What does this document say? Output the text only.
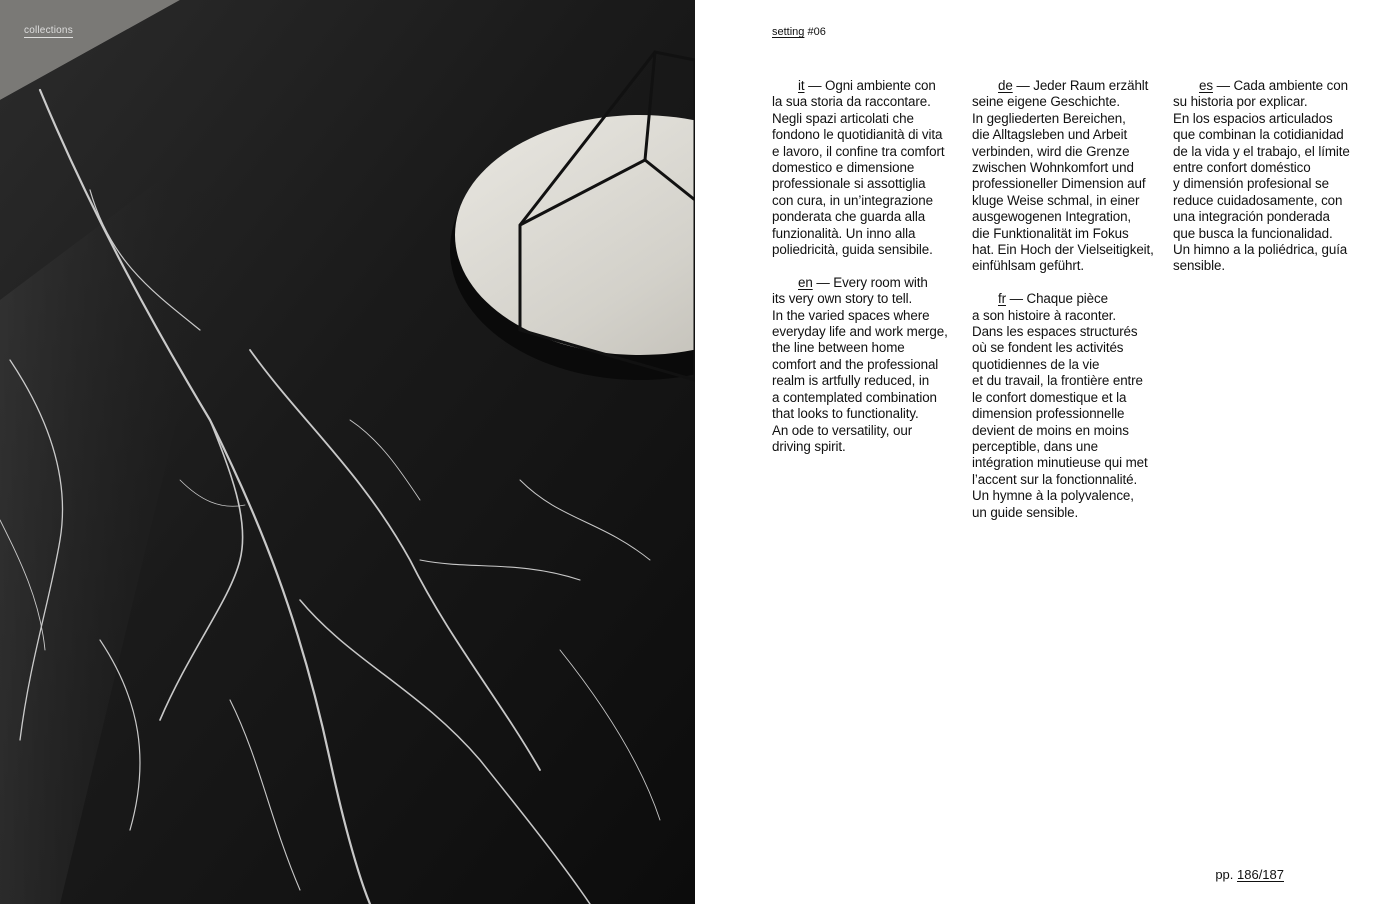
collections	setting #06

it — Ogni ambiente con
la sua storia da raccontare.
Negli spazi articolati che
fondono le quotidianità di vita
e lavoro, il confine tra comfort
domestico e dimensione
professionale si assottiglia
con cura, in un’integrazione
ponderata che guarda alla
funzionalità. Un inno alla
poliedricità, guida sensibile.

en — Every room with
its very own story to tell.
In the varied spaces where
everyday life and work merge,
the line between home
comfort and the professional
realm is artfully reduced, in
a contemplated combination
that looks to functionality.
An ode to versatility, our
driving spirit.

de — Jeder Raum erzählt
seine eigene Geschichte.
In gegliederten Bereichen,
die Alltagsleben und Arbeit
verbinden, wird die Grenze
zwischen Wohnkomfort und
professioneller Dimension auf
kluge Weise schmal, in einer
ausgewogenen Integration,
die Funktionalität im Fokus
hat. Ein Hoch der Vielseitigkeit,
einfühlsam geführt.

fr — Chaque pièce
a son histoire à raconter.
Dans les espaces structurés
où se fondent les activités
quotidiennes de la vie
et du travail, la frontière entre
le confort domestique et la
dimension professionnelle
devient de moins en moins
perceptible, dans une
intégration minutieuse qui met
l’accent sur la fonctionnalité.
Un hymne à la polyvalence,
un guide sensible.

es — Cada ambiente con
su historia por explicar.
En los espacios articulados
que combinan la cotidianidad
de la vida y el trabajo, el límite
entre confort doméstico
y dimensión profesional se
reduce cuidadosamente, con
una integración ponderada
que busca la funcionalidad.
Un himno a la poliédrica, guía
sensible.

pp. 186/187
